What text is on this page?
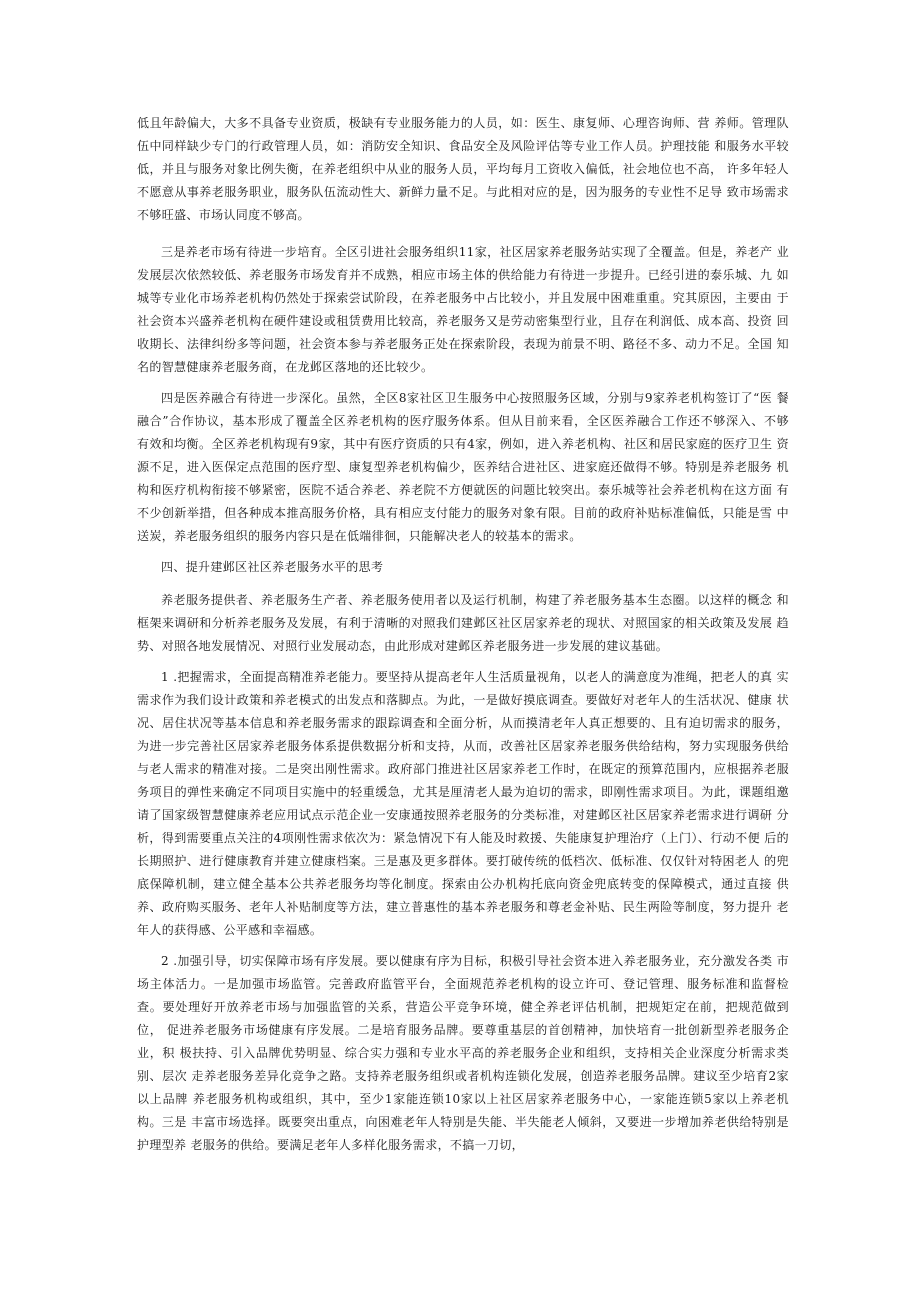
低且年龄偏大，大多不具备专业资质，极缺有专业服务能力的人员，如：医生、康复师、心理咨询师、营 养师。管理队伍中同样缺少专门的行政管理人员，如：消防安全知识、食品安全及风险评估等专业工作人员。护理技能 和服务水平较低，并且与服务对象比例失衡，在养老组织中从业的服务人员，平均每月工资收入偏低，社会地位也不高， 许多年轻人不愿意从事养老服务职业，服务队伍流动性大、新鲜力量不足。与此相对应的是，因为服务的专业性不足导 致市场需求不够旺盛、市场认同度不够高。

三是养老市场有待进一步培育。全区引进社会服务组织11家，社区居家养老服务站实现了全覆盖。但是，养老产 业发展层次依然较低、养老服务市场发育并不成熟，相应市场主体的供给能力有待进一步提升。已经引进的泰乐城、九 如城等专业化市场养老机构仍然处于探索尝试阶段，在养老服务中占比较小，并且发展中困难重重。究其原因，主要由 于社会资本兴盛养老机构在硬件建设或租赁费用比较高，养老服务又是劳动密集型行业，且存在利润低、成本高、投资 回收期长、法律纠纷多等问题，社会资本参与养老服务正处在探索阶段，表现为前景不明、路径不多、动力不足。全国 知名的智慧健康养老服务商，在龙邺区落地的还比较少。

四是医养融合有待进一步深化。虽然，全区8家社区卫生服务中心按照服务区域，分别与9家养老机构签订了“医 餐融合”合作协议，基本形成了覆盖全区养老机构的医疗服务体系。但从目前来看，全区医养融合工作还不够深入、不够 有效和均衡。全区养老机构现有9家，其中有医疗资质的只有4家，例如，进入养老机构、社区和居民家庭的医疗卫生 资源不足，进入医保定点范围的医疗型、康复型养老机构偏少，医养结合进社区、进家庭还做得不够。特别是养老服务 机构和医疗机构衔接不够紧密，医院不适合养老、养老院不方便就医的问题比较突出。泰乐城等社会养老机构在这方面 有不少创新举措，但各种成本推高服务价格，具有相应支付能力的服务对象有限。目前的政府补贴标准偏低，只能是雪 中送炭，养老服务组织的服务内容只是在低端徘徊，只能解决老人的较基本的需求。

四、提升建邺区社区养老服务水平的思考

养老服务提供者、养老服务生产者、养老服务使用者以及运行机制，构建了养老服务基本生态圈。以这样的概念 和框架来调研和分析养老服务及发展，有利于清晰的对照我们建邺区社区居家养老的现状、对照国家的相关政策及发展 趋势、对照各地发展情况、对照行业发展动态，由此形成对建邺区养老服务进一步发展的建议基础。

1 .把握需求，全面提高精准养老能力。要坚持从提高老年人生活质量视角，以老人的满意度为准绳，把老人的真 实需求作为我们设计政策和养老模式的出发点和落脚点。为此，一是做好摸底调查。要做好对老年人的生活状况、健康 状况、居住状况等基本信息和养老服务需求的跟踪调查和全面分析，从而摸清老年人真正想要的、且有迫切需求的服务， 为进一步完善社区居家养老服务体系提供数据分析和支持，从而，改善社区居家养老服务供给结构，努力实现服务供给 与老人需求的精准对接。二是突出刚性需求。政府部门推进社区居家养老工作时，在既定的预算范围内，应根据养老服 务项目的弹性来确定不同项目实施中的轻重缓急，尤其是厘清老人最为迫切的需求，即刚性需求项目。为此，课题组邀 请了国家级智慧健康养老应用试点示范企业一安康通按照养老服务的分类标准，对建邺区社区居家养老需求进行调研 分析，得到需要重点关注的4项刚性需求依次为：紧急情况下有人能及时救援、失能康复护理治疗（上门）、行动不便 后的长期照护、进行健康教育并建立健康档案。三是惠及更多群体。要打破传统的低档次、低标准、仅仅针对特困老人 的兜底保障机制，建立健全基本公共养老服务均等化制度。探索由公办机构托底向资金兜底转变的保障模式，通过直接 供养、政府购买服务、老年人补贴制度等方法，建立普惠性的基本养老服务和尊老金补贴、民生两险等制度，努力提升 老年人的获得感、公平感和幸福感。

2 .加强引导，切实保障市场有序发展。要以健康有序为目标，积极引导社会资本进入养老服务业，充分激发各类 市场主体活力。一是加强市场监管。完善政府监管平台，全面规范养老机构的设立许可、登记管理、服务标准和监督检 查。要处理好开放养老市场与加强监管的关系，营造公平竞争环境，健全养老评估机制，把规矩定在前，把规范做到位， 促进养老服务市场健康有序发展。二是培育服务品牌。要尊重基层的首创精神，加快培育一批创新型养老服务企业，积 极扶持、引入品牌优势明显、综合实力强和专业水平高的养老服务企业和组织，支持相关企业深度分析需求类别、层次 走养老服务差异化竞争之路。支持养老服务组织或者机构连锁化发展，创造养老服务品牌。建议至少培育2家以上品牌 养老服务机构或组织，其中，至少1家能连锁10家以上社区居家养老服务中心，一家能连锁5家以上养老机构。三是 丰富市场选择。既要突出重点，向困难老年人特别是失能、半失能老人倾斜，又要进一步增加养老供给特别是护理型养 老服务的供给。要满足老年人多样化服务需求，不搞一刀切，
